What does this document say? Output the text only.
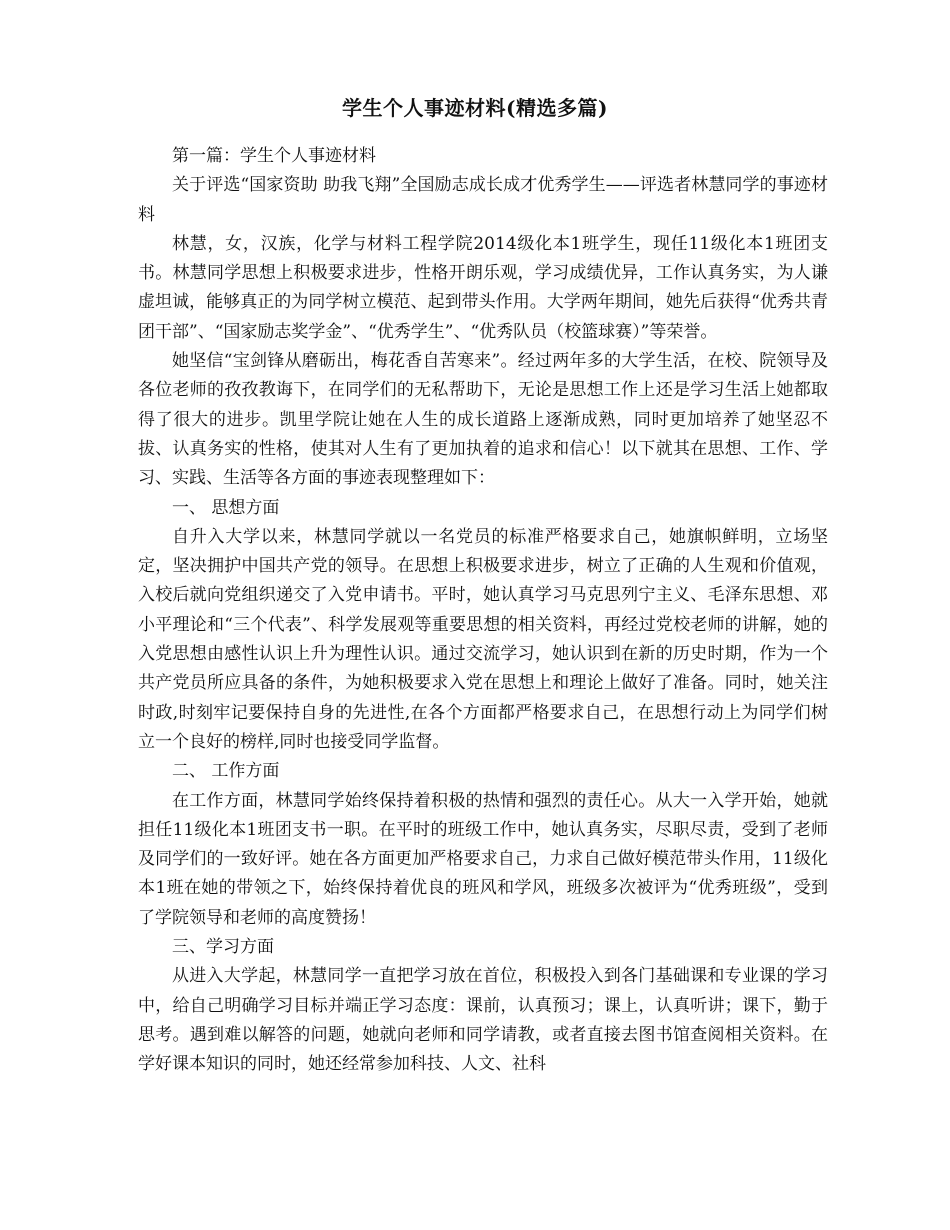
学生个人事迹材料(精选多篇)

第一篇：学生个人事迹材料

关于评选“国家资助 助我飞翔”全国励志成长成才优秀学生——评选者林慧同学的事迹材料

林慧，女，汉族，化学与材料工程学院2014级化本1班学生，现任11级化本1班团支书。林慧同学思想上积极要求进步，性格开朗乐观，学习成绩优异，工作认真务实，为人谦虚坦诚，能够真正的为同学树立模范、起到带头作用。大学两年期间，她先后获得“优秀共青团干部”、“国家励志奖学金”、“优秀学生”、“优秀队员（校篮球赛）”等荣誉。

她坚信“宝剑锋从磨砺出，梅花香自苦寒来”。经过两年多的大学生活，在校、院领导及各位老师的孜孜教诲下，在同学们的无私帮助下，无论是思想工作上还是学习生活上她都取得了很大的进步。凯里学院让她在人生的成长道路上逐渐成熟，同时更加培养了她坚忍不拔、认真务实的性格，使其对人生有了更加执着的追求和信心！以下就其在思想、工作、学习、实践、生活等各方面的事迹表现整理如下：

一、 思想方面

自升入大学以来，林慧同学就以一名党员的标准严格要求自己，她旗帜鲜明，立场坚定，坚决拥护中国共产党的领导。在思想上积极要求进步，树立了正确的人生观和价值观，入校后就向党组织递交了入党申请书。平时，她认真学习马克思列宁主义、毛泽东思想、邓小平理论和“三个代表”、科学发展观等重要思想的相关资料，再经过党校老师的讲解，她的入党思想由感性认识上升为理性认识。通过交流学习，她认识到在新的历史时期，作为一个共产党员所应具备的条件，为她积极要求入党在思想上和理论上做好了准备。同时，她关注时政,时刻牢记要保持自身的先进性,在各个方面都严格要求自己，在思想行动上为同学们树立一个良好的榜样,同时也接受同学监督。

二、 工作方面

在工作方面，林慧同学始终保持着积极的热情和强烈的责任心。从大一入学开始，她就担任11级化本1班团支书一职。在平时的班级工作中，她认真务实，尽职尽责，受到了老师及同学们的一致好评。她在各方面更加严格要求自己，力求自己做好模范带头作用，11级化本1班在她的带领之下，始终保持着优良的班风和学风，班级多次被评为“优秀班级”，受到了学院领导和老师的高度赞扬！

三、学习方面

从进入大学起，林慧同学一直把学习放在首位，积极投入到各门基础课和专业课的学习中，给自己明确学习目标并端正学习态度：课前，认真预习；课上，认真听讲；课下，勤于思考。遇到难以解答的问题，她就向老师和同学请教，或者直接去图书馆查阅相关资料。在学好课本知识的同时，她还经常参加科技、人文、社科
